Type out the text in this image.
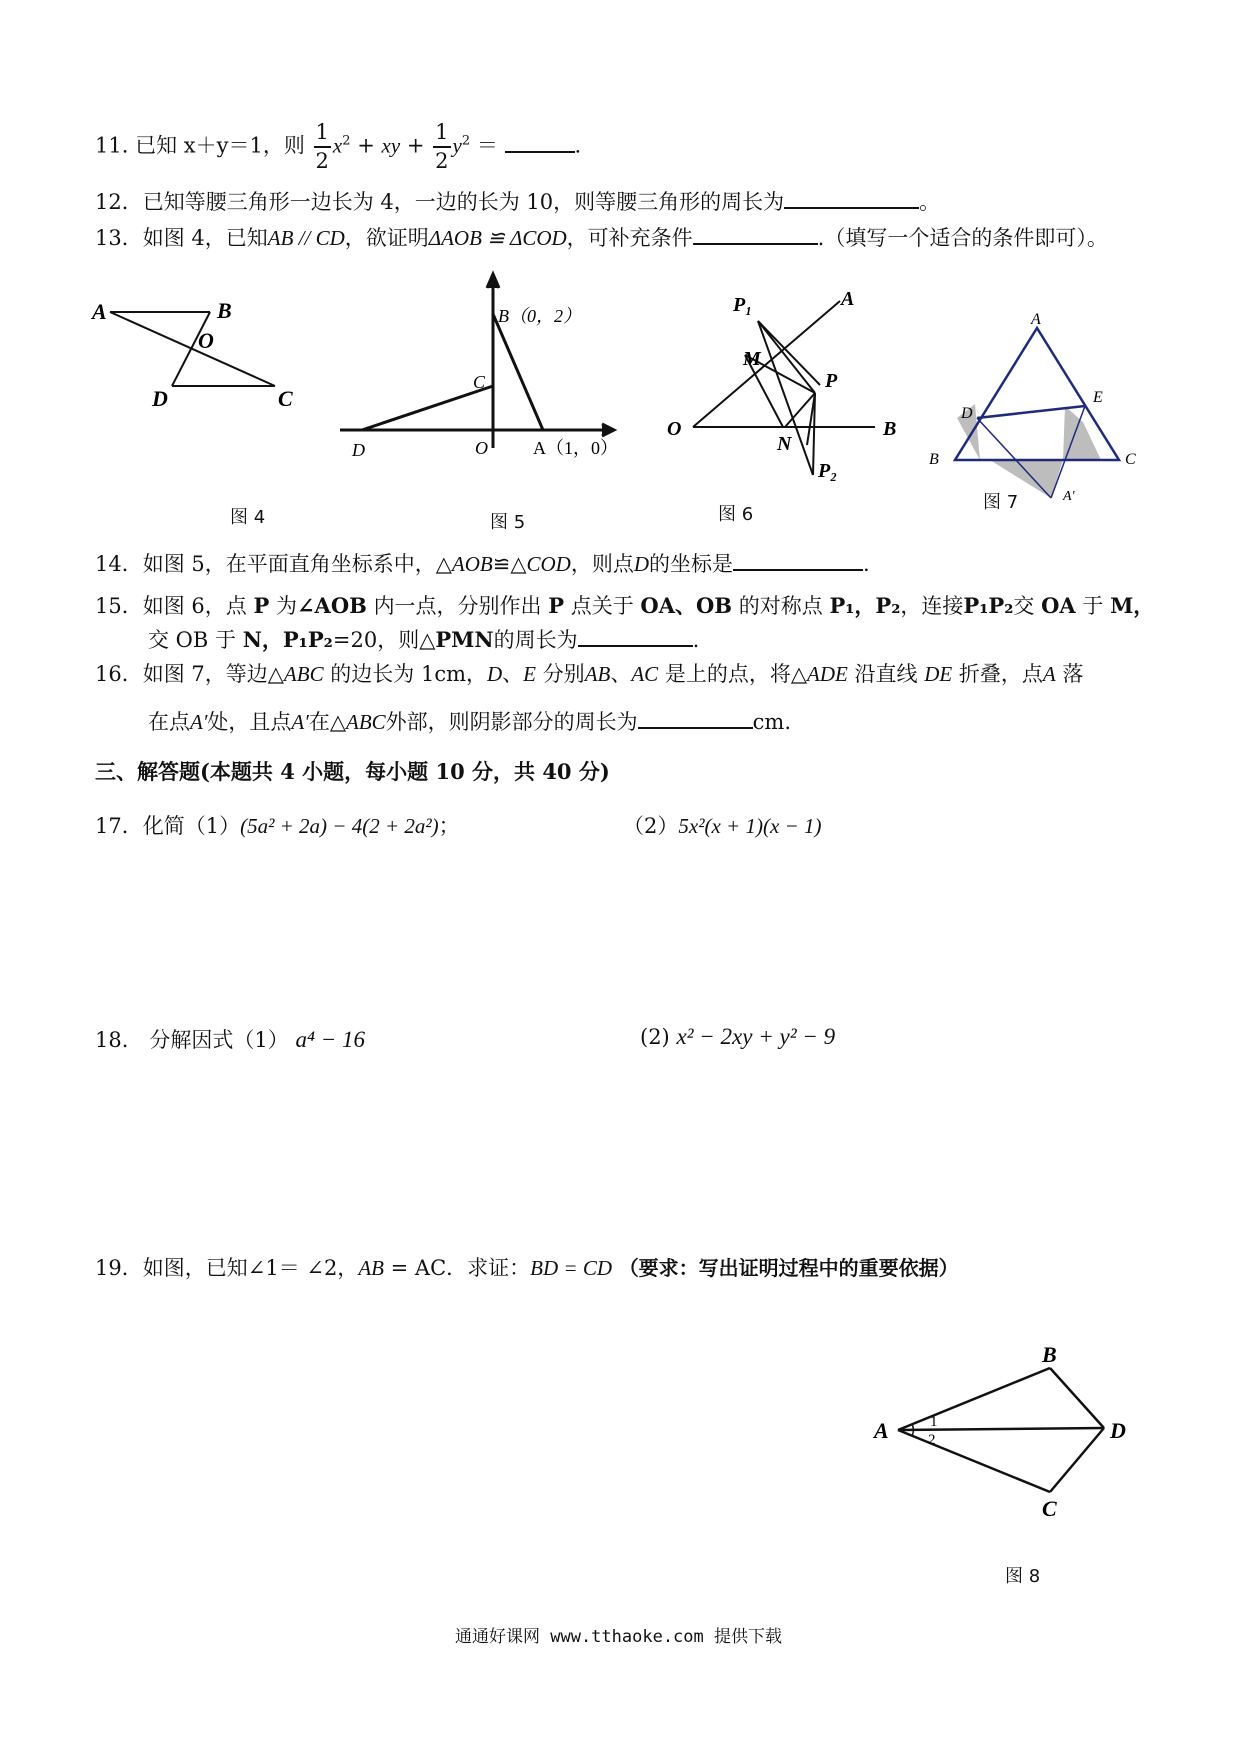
11. 已知 x＋y＝1，则 $\frac{1}{2} x^2$ + xy + $\frac{1}{2} y^2$ ＝	.
12．已知等腰三角形一边长为 4，一边的长为 10，则等腰三角形的周长为	。
13．如图 4，已知AB // CD，欲证明ΔAOB ≌ ΔCOD，可补充条件	.（填写一个适合的条件即可）。
A	B
O
D	C
图 4
B（0，2）
C
D	O	A（1，0）
图 5
P₁	A
M
P
O
N
B
P₂
图 6
A
E
D
B	C
A′
图 7
14．如图 5，在平面直角坐标系中，△AOB≌△COD，则点D的坐标是	.
15．如图 6，点 P 为∠AOB 内一点，分别作出 P 点关于 OA、OB 的对称点 P₁，P₂，连接P₁P₂交 OA 于 M，
交 OB 于 N，P₁P₂=20，则△PMN的周长为	.
16．如图 7，等边△ABC 的边长为 1cm，D、E 分别AB、AC 是上的点，将△ADE 沿直线 DE 折叠，点A 落
在点A′处，且点A′在△ABC外部，则阴影部分的周长为	cm.
三、解答题(本题共 4 小题，每小题 10 分，共 40 分)
17．化简（1）(5a² + 2a) − 4(2 + 2a²)；	（2）5x²(x + 1)(x − 1)
18.　分解因式（1） a⁴ − 16	(2) x² − 2xy + y² − 9
19．如图，已知∠1＝ ∠2，AB = AC．求证：BD = CD （要求：写出证明过程中的重要依据）
B
A	1
2	D
C
图 8
通通好课网 www.tthaoke.com 提供下载
